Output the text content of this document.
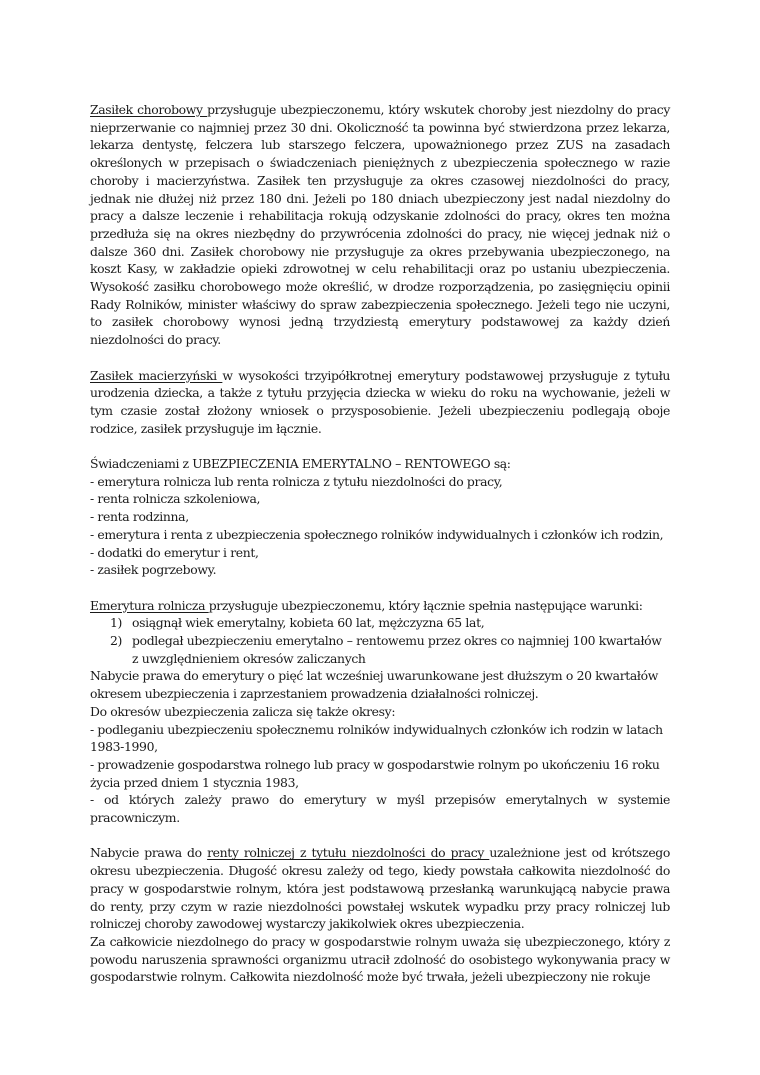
Zasiłek chorobowy przysługuje ubezpieczonemu, który wskutek choroby jest niezdolny do pracy nieprzerwanie co najmniej przez 30 dni. Okoliczność ta powinna być stwierdzona przez lekarza, lekarza dentystę, felczera lub starszego felczera, upoważnionego przez ZUS na zasadach określonych w przepisach o świadczeniach pieniężnych z ubezpieczenia społecznego w razie choroby i macierzyństwa. Zasiłek ten przysługuje za okres czasowej niezdolności do pracy, jednak nie dłużej niż przez 180 dni. Jeżeli po 180 dniach ubezpieczony jest nadal niezdolny do pracy a dalsze leczenie i rehabilitacja rokują odzyskanie zdolności do pracy, okres ten można przedłuża się na okres niezbędny do przywrócenia zdolności do pracy, nie więcej jednak niż o dalsze 360 dni. Zasiłek chorobowy nie przysługuje za okres przebywania ubezpieczonego, na koszt Kasy, w zakładzie opieki zdrowotnej w celu rehabilitacji oraz po ustaniu ubezpieczenia. Wysokość zasiłku chorobowego może określić, w drodze rozporządzenia, po zasięgnięciu opinii Rady Rolników, minister właściwy do spraw zabezpieczenia społecznego. Jeżeli tego nie uczyni, to zasiłek chorobowy wynosi jedną trzydziestą emerytury podstawowej za każdy dzień niezdolności do pracy.

Zasiłek macierzyński w wysokości trzyipółkrotnej emerytury podstawowej przysługuje z tytułu urodzenia dziecka, a także z tytułu przyjęcia dziecka w wieku do roku na wychowanie, jeżeli w tym czasie został złożony wniosek o przysposobienie. Jeżeli ubezpieczeniu podlegają oboje rodzice, zasiłek przysługuje im łącznie.

Świadczeniami z UBEZPIECZENIA EMERYTALNO – RENTOWEGO są:

- emerytura rolnicza lub renta rolnicza z tytułu niezdolności do pracy,
- renta rolnicza szkoleniowa,
- renta rodzinna,
- emerytura i renta z ubezpieczenia społecznego rolników indywidualnych i członków ich rodzin,
- dodatki do emerytur i rent,
- zasiłek pogrzebowy.

Emerytura rolnicza przysługuje ubezpieczonemu, który łącznie spełnia następujące warunki:

1) osiągnął wiek emerytalny, kobieta 60 lat, mężczyzna 65 lat,
2) podlegał ubezpieczeniu emerytalno – rentowemu przez okres co najmniej 100 kwartałów z uwzględnieniem okresów zaliczanych

Nabycie prawa do emerytury o pięć lat wcześniej uwarunkowane jest dłuższym o 20 kwartałów okresem ubezpieczenia i zaprzestaniem prowadzenia działalności rolniczej.

Do okresów ubezpieczenia zalicza się także okresy:

- podleganiu ubezpieczeniu społecznemu rolników indywidualnych członków ich rodzin w latach 1983-1990,

- prowadzenie gospodarstwa rolnego lub pracy w gospodarstwie rolnym po ukończeniu 16 roku życia przed dniem 1 stycznia 1983,

- od których zależy prawo do emerytury w myśl przepisów emerytalnych w systemie pracowniczym.

Nabycie prawa do renty rolniczej z tytułu niezdolności do pracy uzależnione jest od krótszego okresu ubezpieczenia. Długość okresu zależy od tego, kiedy powstała całkowita niezdolność do pracy w gospodarstwie rolnym, która jest podstawową przesłanką warunkującą nabycie prawa do renty, przy czym w razie niezdolności powstałej wskutek wypadku przy pracy rolniczej lub rolniczej choroby zawodowej wystarczy jakikolwiek okres ubezpieczenia.

Za całkowicie niezdolnego do pracy w gospodarstwie rolnym uważa się ubezpieczonego, który z powodu naruszenia sprawności organizmu utracił zdolność do osobistego wykonywania pracy w gospodarstwie rolnym. Całkowita niezdolność może być trwała, jeżeli ubezpieczony nie rokuje
